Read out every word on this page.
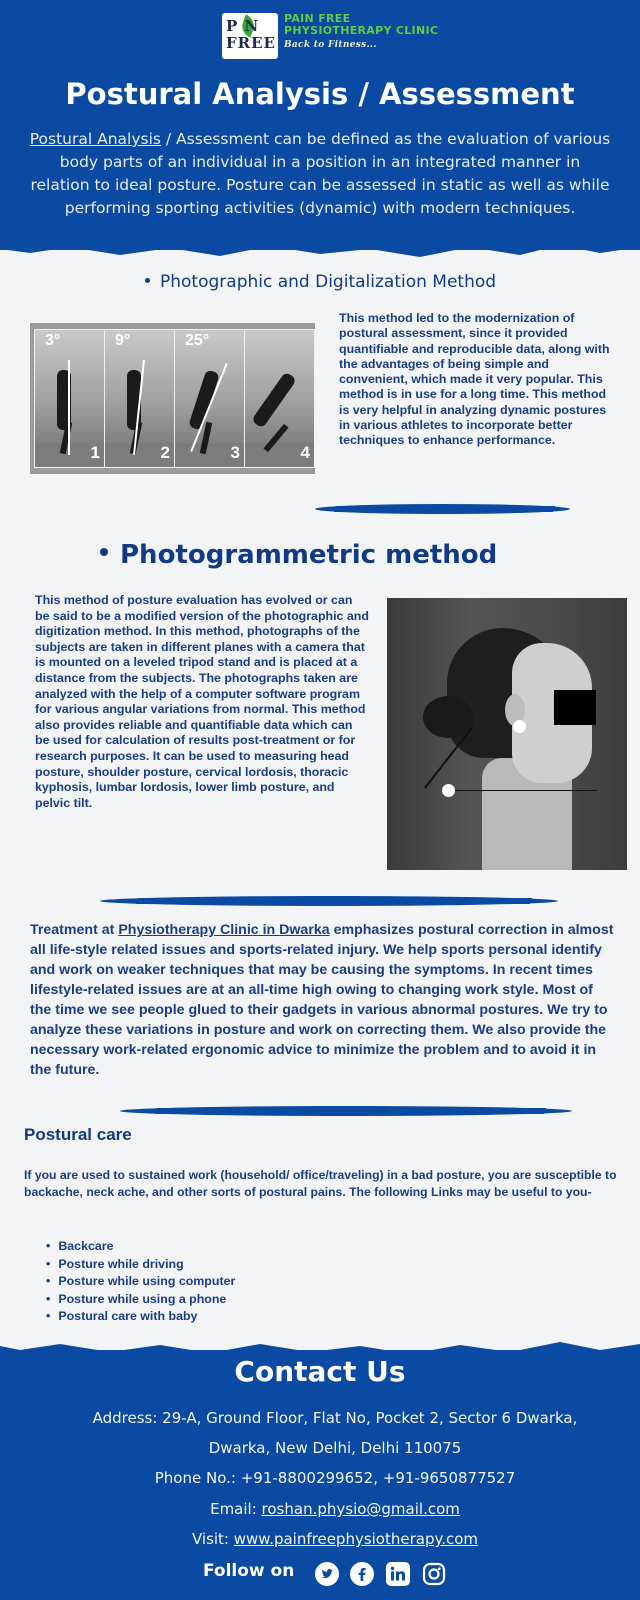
P N
FREE
PAIN FREE
PHYSIOTHERAPY CLINIC
Back to Fitness...
Postural Analysis / Assessment
Postural Analysis / Assessment can be defined as the evaluation of various body parts of an individual in a position in an integrated manner in relation to ideal posture. Posture can be assessed in static as well as while performing sporting activities (dynamic) with modern techniques.
Photographic and Digitalization Method
3°
1
9°
2
25°
3	4
This method led to the modernization of postural assessment, since it provided quantifiable and reproducible data, along with the advantages of being simple and convenient, which made it very popular. This method is in use for a long time. This method is very helpful in analyzing dynamic postures in various athletes to incorporate better techniques to enhance performance.
Photogrammetric method
This method of posture evaluation has evolved or can be said to be a modified version of the photographic and digitization method. In this method, photographs of the subjects are taken in different planes with a camera that is mounted on a leveled tripod stand and is placed at a distance from the subjects. The photographs taken are analyzed with the help of a computer software program for various angular variations from normal. This method also provides reliable and quantifiable data which can be used for calculation of results post-treatment or for research purposes. It can be used to measuring head posture, shoulder posture, cervical lordosis, thoracic kyphosis, lumbar lordosis, lower limb posture, and pelvic tilt.
Treatment at Physiotherapy Clinic in Dwarka emphasizes postural correction in almost all life-style related issues and sports-related injury. We help sports personal identify and work on weaker techniques that may be causing the symptoms. In recent times lifestyle-related issues are at an all-time high owing to changing work style. Most of the time we see people glued to their gadgets in various abnormal postures. We try to analyze these variations in posture and work on correcting them. We also provide the necessary work-related ergonomic advice to minimize the problem and to avoid it in the future.
Postural care
If you are used to sustained work (household/ office/traveling) in a bad posture, you are susceptible to backache, neck ache, and other sorts of postural pains. The following Links may be useful to you-
• Backcare
• Posture while driving
• Posture while using computer
• Posture while using a phone
• Postural care with baby
Contact Us
Address: 29-A, Ground Floor, Flat No, Pocket 2, Sector 6 Dwarka,
Dwarka, New Delhi, Delhi 110075
Phone No.: +91-8800299652, +91-9650877527
Email: roshan.physio@gmail.com
Visit: www.painfreephysiotherapy.com
Follow on
